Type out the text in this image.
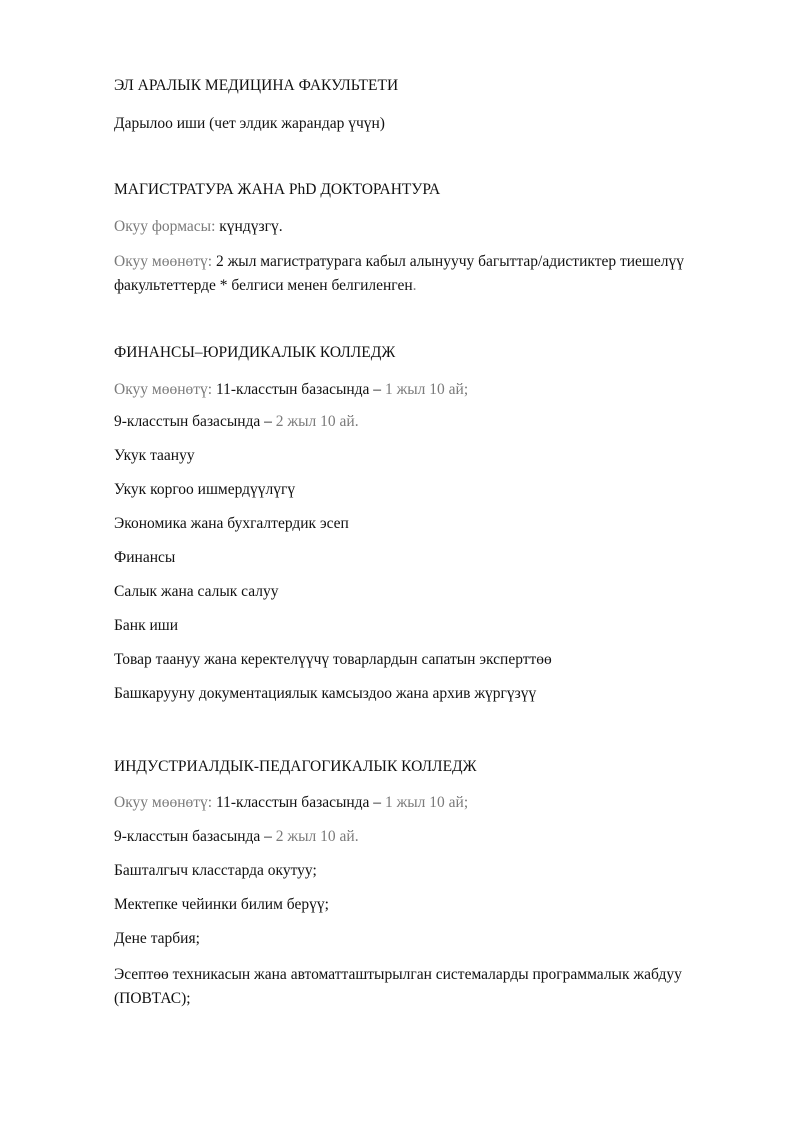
ЭЛ АРАЛЫК МЕДИЦИНА ФАКУЛЬТЕТИ
Дарылоо иши (чет элдик жарандар үчүн)
МАГИСТРАТУРА ЖАНА PhD ДОКТОРАНТУРА
Окуу формасы: күндүзгү.
Окуу мөөнөтү: 2 жыл магистратурага кабыл алынуучу багыттар/адистиктер тиешелүү факультеттерде * белгиси менен белгиленген.
ФИНАНСЫ–ЮРИДИКАЛЫК КОЛЛЕДЖ
Окуу мөөнөтү: 11-класстын базасында – 1 жыл 10 ай;
9-класстын базасында – 2 жыл 10 ай.
Укук таануу
Укук коргоо ишмердүүлүгү
Экономика жана бухгалтердик эсеп
Финансы
Салык жана салык салуу
Банк иши
Товар таануу жана керектелүүчү товарлардын сапатын эксперттөө
Башкарууну документациялык камсыздоо жана архив жүргүзүү
ИНДУСТРИАЛДЫК-ПЕДАГОГИКАЛЫК КОЛЛЕДЖ
Окуу мөөнөтү: 11-класстын базасында – 1 жыл 10 ай;
9-класстын базасында – 2 жыл 10 ай.
Башталгыч класстарда окутуу;
Мектепке чейинки билим берүү;
Дене тарбия;
Эсептөө техникасын жана автоматташтырылган системаларды программалык жабдуу (ПОВТАС);
